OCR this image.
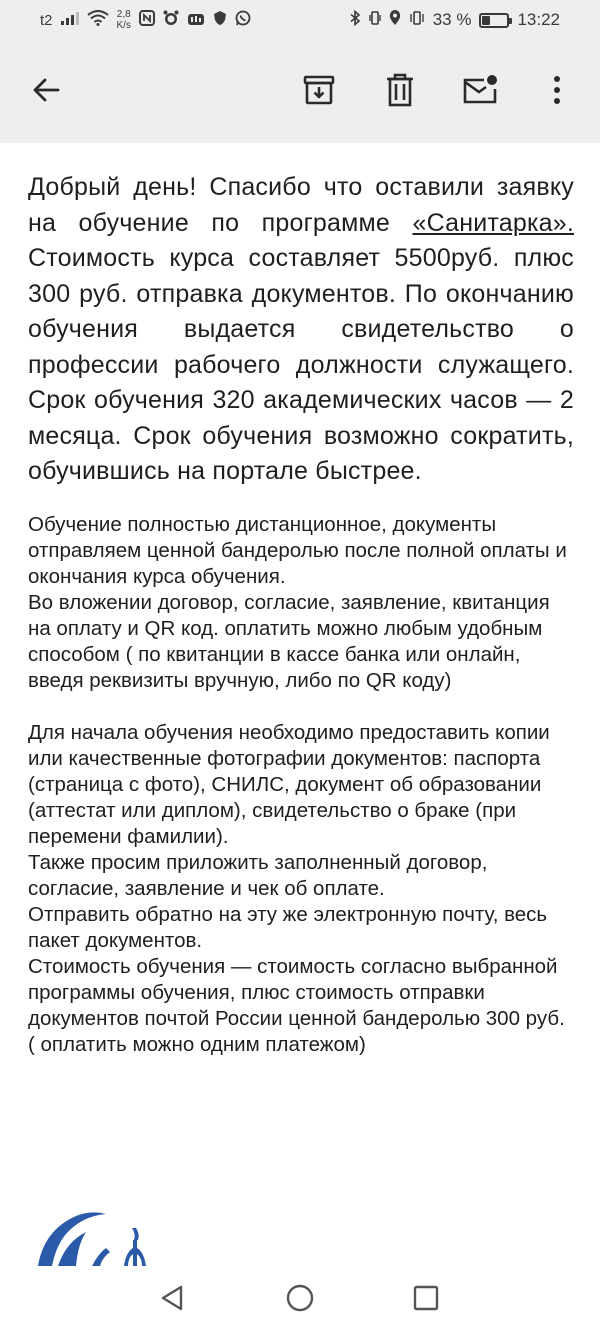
t2	2,8
K/s	33 %	13:22

Добрый день! Спасибо что оставили заявку на обучение по программе «Санитарка». Стоимость курса составляет 5500руб. плюс 300 руб. отправка документов. По окончанию обучения выдается свидетельство о профессии рабочего должности служащего. Срок обучения 320 академических часов — 2 месяца. Срок обучения возможно сократить, обучившись на портале быстрее.

Обучение полностью дистанционное, документы отправляем ценной бандеролью после полной оплаты и окончания курса обучения.
Во вложении договор, согласие, заявление, квитанция на оплату и QR код. оплатить можно любым удобным способом ( по квитанции в кассе банка или онлайн, введя реквизиты вручную, либо по QR коду)

Для начала обучения необходимо предоставить копии или качественные фотографии документов: паспорта (страница с фото), СНИЛС, документ об образовании (аттестат или диплом), свидетельство о браке (при перемени фамилии).
Также просим приложить заполненный договор, согласие, заявление и чек об оплате.
Отправить обратно на эту же электронную почту, весь пакет документов.
Стоимость обучения — стоимость согласно выбранной программы обучения, плюс стоимость отправки документов почтой России ценной бандеролью 300 руб. ( оплатить можно одним платежом)
